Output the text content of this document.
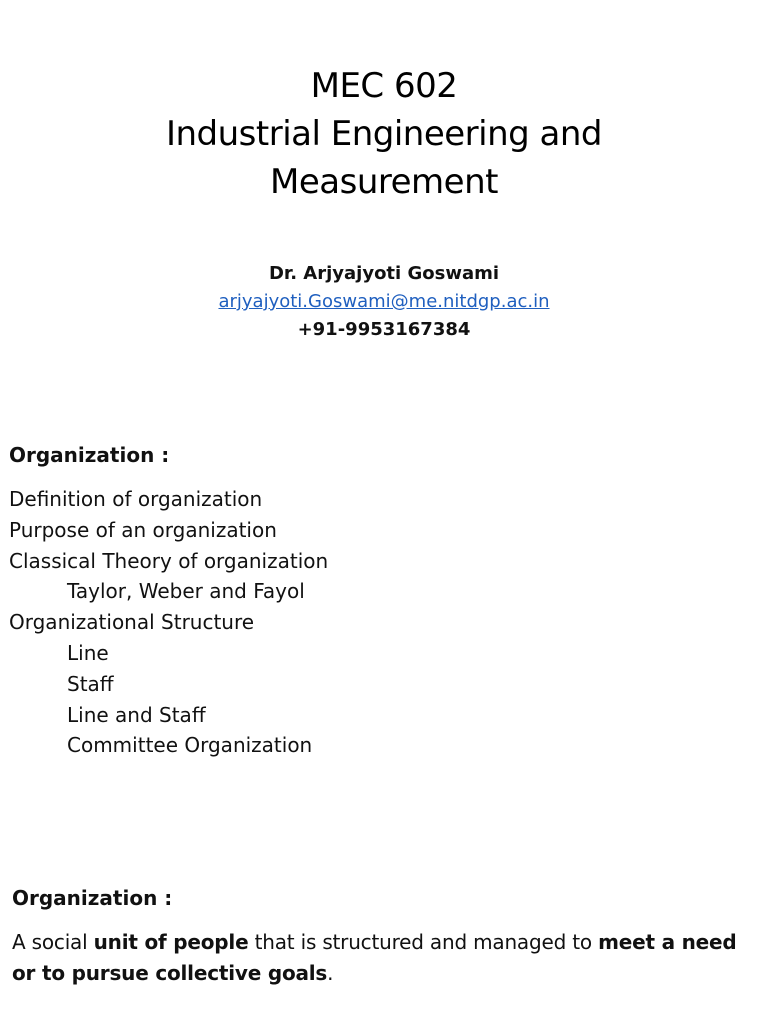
MEC 602
Industrial Engineering and
Measurement
Dr. Arjyajyoti Goswami
arjyajyoti.Goswami@me.nitdgp.ac.in
+91-9953167384
Organization :
Definition of organization
Purpose of an organization
Classical Theory of organization
Taylor, Weber and Fayol
Organizational Structure
Line
Staff
Line and Staff
Committee Organization
Organization :

A social unit of people that is structured and managed to meet a need or to pursue collective goals.
